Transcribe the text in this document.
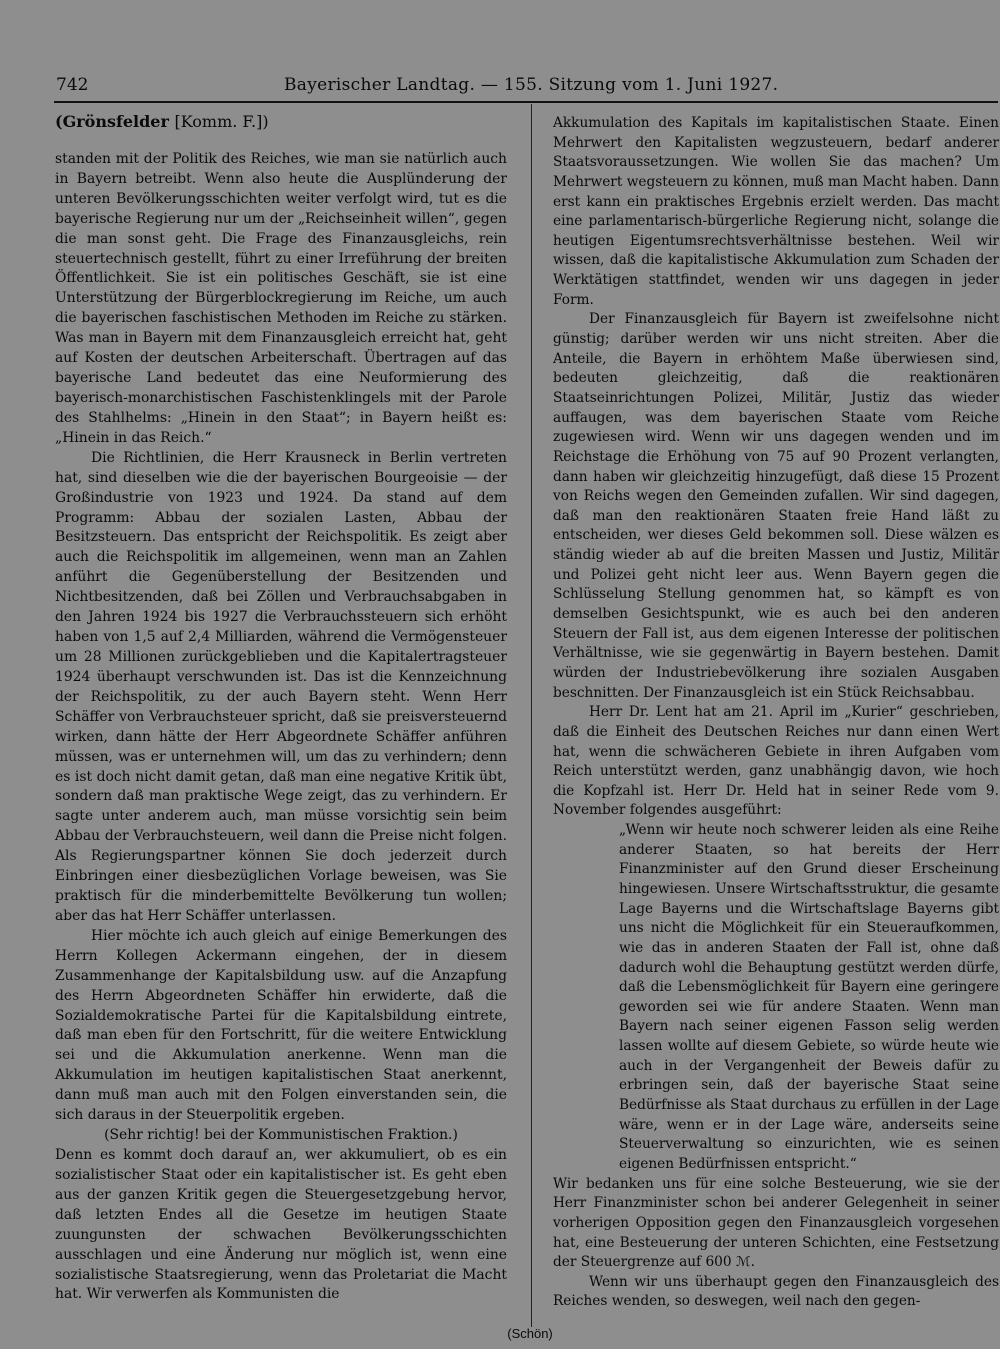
742	Bayerischer Landtag. — 155. Sitzung vom 1. Juni 1927.

(Grönsfelder [Komm. F.])

standen mit der Politik des Reiches, wie man sie natürlich auch in Bayern betreibt. Wenn also heute die Ausplünderung der unteren Bevölkerungsschichten weiter verfolgt wird, tut es die bayerische Regierung nur um der „Reichseinheit willen“, gegen die man sonst geht. Die Frage des Finanzausgleichs, rein steuertechnisch gestellt, führt zu einer Irreführung der breiten Öffentlichkeit. Sie ist ein politisches Geschäft, sie ist eine Unterstützung der Bürgerblockregierung im Reiche, um auch die bayerischen faschistischen Methoden im Reiche zu stärken. Was man in Bayern mit dem Finanzausgleich erreicht hat, geht auf Kosten der deutschen Arbeiterschaft. Übertragen auf das bayerische Land bedeutet das eine Neuformierung des bayerisch-monarchistischen Faschistenklingels mit der Parole des Stahlhelms: „Hinein in den Staat“; in Bayern heißt es: „Hinein in das Reich.“

Die Richtlinien, die Herr Krausneck in Berlin vertreten hat, sind dieselben wie die der bayerischen Bourgeoisie — der Großindustrie von 1923 und 1924. Da stand auf dem Programm: Abbau der sozialen Lasten, Abbau der Besitzsteuern. Das entspricht der Reichspolitik. Es zeigt aber auch die Reichspolitik im allgemeinen, wenn man an Zahlen anführt die Gegenüberstellung der Besitzenden und Nichtbesitzenden, daß bei Zöllen und Verbrauchsabgaben in den Jahren 1924 bis 1927 die Verbrauchssteuern sich erhöht haben von 1,5 auf 2,4 Milliarden, während die Vermögensteuer um 28 Millionen zurückgeblieben und die Kapitalertragsteuer 1924 überhaupt verschwunden ist. Das ist die Kennzeichnung der Reichspolitik, zu der auch Bayern steht. Wenn Herr Schäffer von Verbrauchsteuer spricht, daß sie preisversteuernd wirken, dann hätte der Herr Abgeordnete Schäffer anführen müssen, was er unternehmen will, um das zu verhindern; denn es ist doch nicht damit getan, daß man eine negative Kritik übt, sondern daß man praktische Wege zeigt, das zu verhindern. Er sagte unter anderem auch, man müsse vorsichtig sein beim Abbau der Verbrauchsteuern, weil dann die Preise nicht folgen. Als Regierungspartner können Sie doch jederzeit durch Einbringen einer diesbezüglichen Vorlage beweisen, was Sie praktisch für die minderbemittelte Bevölkerung tun wollen; aber das hat Herr Schäffer unterlassen.

Hier möchte ich auch gleich auf einige Bemerkungen des Herrn Kollegen Ackermann eingehen, der in diesem Zusammenhange der Kapitalsbildung usw. auf die Anzapfung des Herrn Abgeordneten Schäffer hin erwiderte, daß die Sozialdemokratische Partei für die Kapitalsbildung eintrete, daß man eben für den Fortschritt, für die weitere Entwicklung sei und die Akkumulation anerkenne. Wenn man die Akkumulation im heutigen kapitalistischen Staat anerkennt, dann muß man auch mit den Folgen einverstanden sein, die sich daraus in der Steuerpolitik ergeben.

(Sehr richtig! bei der Kommunistischen Fraktion.)

Denn es kommt doch darauf an, wer akkumuliert, ob es ein sozialistischer Staat oder ein kapitalistischer ist. Es geht eben aus der ganzen Kritik gegen die Steuergesetzgebung hervor, daß letzten Endes all die Gesetze im heutigen Staate zuungunsten der schwachen Bevölkerungsschichten ausschlagen und eine Änderung nur möglich ist, wenn eine sozialistische Staatsregierung, wenn das Proletariat die Macht hat. Wir verwerfen als Kommunisten die

Akkumulation des Kapitals im kapitalistischen Staate. Einen Mehrwert den Kapitalisten wegzusteuern, bedarf anderer Staatsvoraussetzungen. Wie wollen Sie das machen? Um Mehrwert wegsteuern zu können, muß man Macht haben. Dann erst kann ein praktisches Ergebnis erzielt werden. Das macht eine parlamentarisch-bürgerliche Regierung nicht, solange die heutigen Eigentumsrechtsverhältnisse bestehen. Weil wir wissen, daß die kapitalistische Akkumulation zum Schaden der Werktätigen stattfindet, wenden wir uns dagegen in jeder Form.

Der Finanzausgleich für Bayern ist zweifelsohne nicht günstig; darüber werden wir uns nicht streiten. Aber die Anteile, die Bayern in erhöhtem Maße überwiesen sind, bedeuten gleichzeitig, daß die reaktionären Staatseinrichtungen Polizei, Militär, Justiz das wieder auffaugen, was dem bayerischen Staate vom Reiche zugewiesen wird. Wenn wir uns dagegen wenden und im Reichstage die Erhöhung von 75 auf 90 Prozent verlangten, dann haben wir gleichzeitig hinzugefügt, daß diese 15 Prozent von Reichs wegen den Gemeinden zufallen. Wir sind dagegen, daß man den reaktionären Staaten freie Hand läßt zu entscheiden, wer dieses Geld bekommen soll. Diese wälzen es ständig wieder ab auf die breiten Massen und Justiz, Militär und Polizei geht nicht leer aus. Wenn Bayern gegen die Schlüsselung Stellung genommen hat, so kämpft es von demselben Gesichtspunkt, wie es auch bei den anderen Steuern der Fall ist, aus dem eigenen Interesse der politischen Verhältnisse, wie sie gegenwärtig in Bayern bestehen. Damit würden der Industriebevölkerung ihre sozialen Ausgaben beschnitten. Der Finanzausgleich ist ein Stück Reichsabbau.

Herr Dr. Lent hat am 21. April im „Kurier“ geschrieben, daß die Einheit des Deutschen Reiches nur dann einen Wert hat, wenn die schwächeren Gebiete in ihren Aufgaben vom Reich unterstützt werden, ganz unabhängig davon, wie hoch die Kopfzahl ist. Herr Dr. Held hat in seiner Rede vom 9. November folgendes ausgeführt:

„Wenn wir heute noch schwerer leiden als eine Reihe anderer Staaten, so hat bereits der Herr Finanzminister auf den Grund dieser Erscheinung hingewiesen. Unsere Wirtschaftsstruktur, die gesamte Lage Bayerns und die Wirtschaftslage Bayerns gibt uns nicht die Möglichkeit für ein Steueraufkommen, wie das in anderen Staaten der Fall ist, ohne daß dadurch wohl die Behauptung gestützt werden dürfe, daß die Lebensmöglichkeit für Bayern eine geringere geworden sei wie für andere Staaten. Wenn man Bayern nach seiner eigenen Fasson selig werden lassen wollte auf diesem Gebiete, so würde heute wie auch in der Vergangenheit der Beweis dafür zu erbringen sein, daß der bayerische Staat seine Bedürfnisse als Staat durchaus zu erfüllen in der Lage wäre, wenn er in der Lage wäre, anderseits seine Steuerverwaltung so einzurichten, wie es seinen eigenen Bedürfnissen entspricht.“

Wir bedanken uns für eine solche Besteuerung, wie sie der Herr Finanzminister schon bei anderer Gelegenheit in seiner vorherigen Opposition gegen den Finanzausgleich vorgesehen hat, eine Besteuerung der unteren Schichten, eine Festsetzung der Steuergrenze auf 600 ℳ.

Wenn wir uns überhaupt gegen den Finanzausgleich des Reiches wenden, so deswegen, weil nach den gegen-

(Schön)
